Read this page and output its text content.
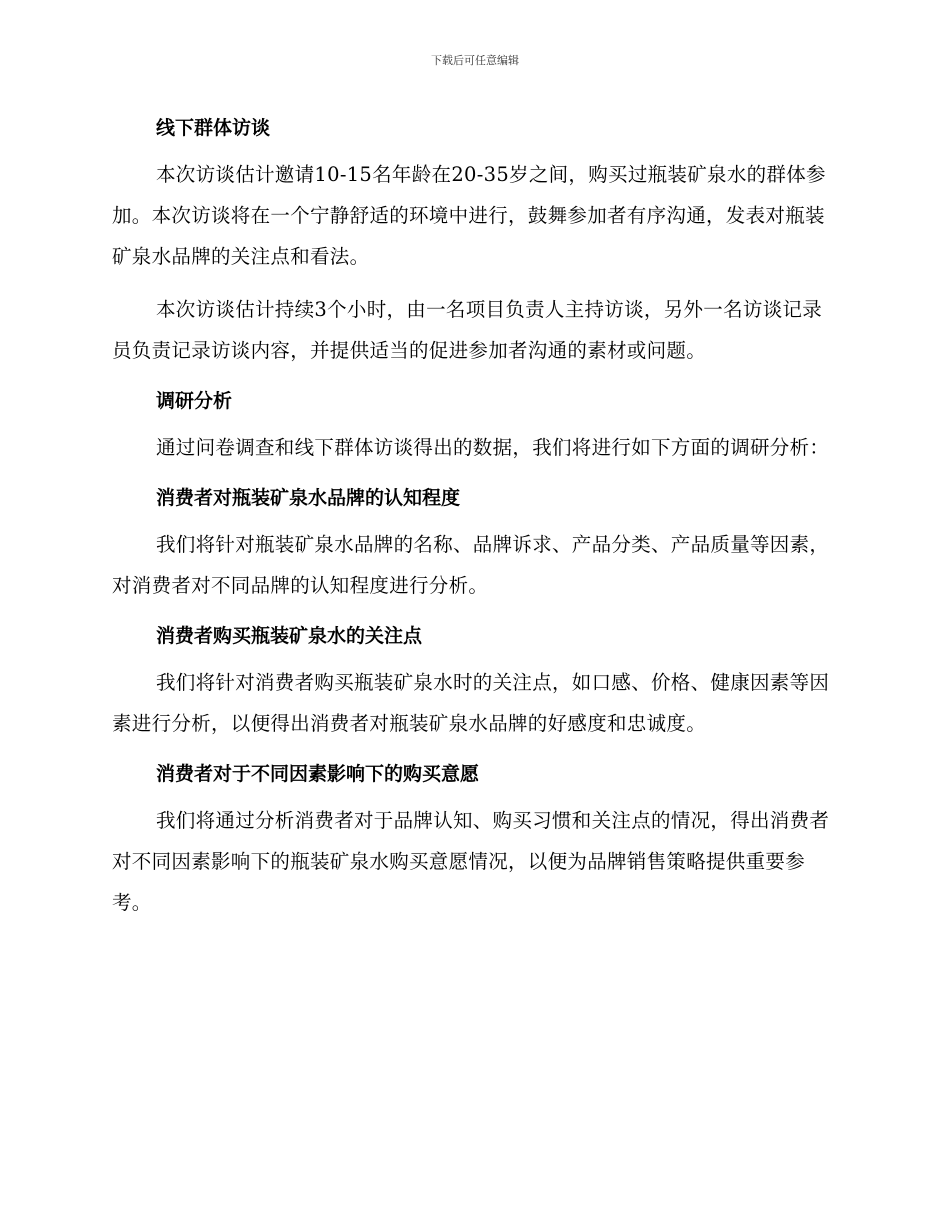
下载后可任意编辑
线下群体访谈

本次访谈估计邀请10-15名年龄在20-35岁之间，购买过瓶装矿泉水的群体参加。本次访谈将在一个宁静舒适的环境中进行，鼓舞参加者有序沟通，发表对瓶装矿泉水品牌的关注点和看法。

本次访谈估计持续3个小时，由一名项目负责人主持访谈，另外一名访谈记录员负责记录访谈内容，并提供适当的促进参加者沟通的素材或问题。

调研分析

通过问卷调查和线下群体访谈得出的数据，我们将进行如下方面的调研分析：

消费者对瓶装矿泉水品牌的认知程度

我们将针对瓶装矿泉水品牌的名称、品牌诉求、产品分类、产品质量等因素，对消费者对不同品牌的认知程度进行分析。

消费者购买瓶装矿泉水的关注点

我们将针对消费者购买瓶装矿泉水时的关注点，如口感、价格、健康因素等因素进行分析，以便得出消费者对瓶装矿泉水品牌的好感度和忠诚度。

消费者对于不同因素影响下的购买意愿

我们将通过分析消费者对于品牌认知、购买习惯和关注点的情况，得出消费者对不同因素影响下的瓶装矿泉水购买意愿情况，以便为品牌销售策略提供重要参考。
